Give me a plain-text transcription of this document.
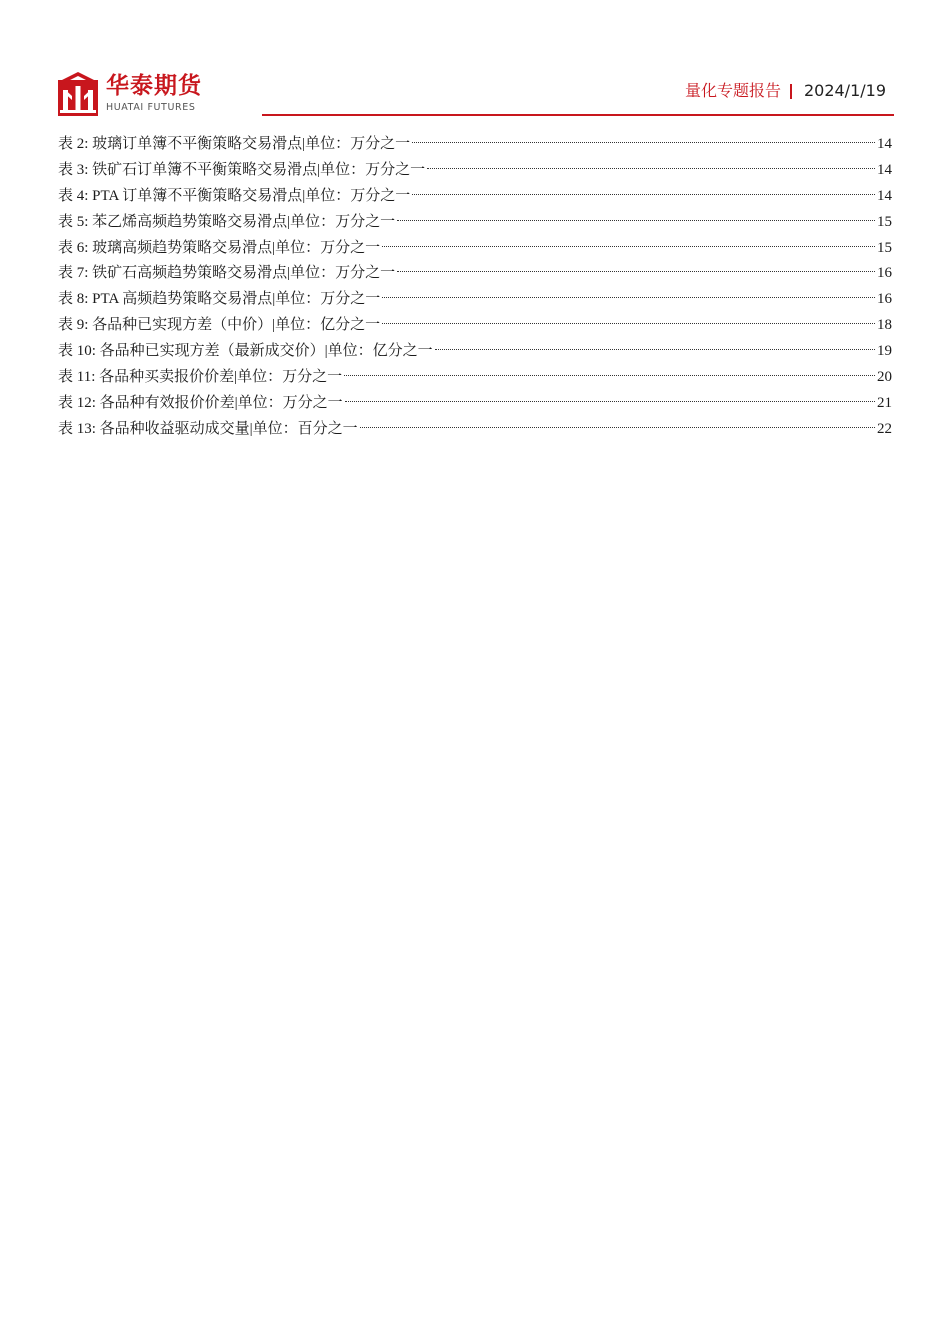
华泰期货
HUATAI FUTURES
量化专题报告 2024/1/19
表 2: 玻璃订单簿不平衡策略交易滑点|单位：万分之一	14
表 3: 铁矿石订单簿不平衡策略交易滑点|单位：万分之一	14
表 4: PTA 订单簿不平衡策略交易滑点|单位：万分之一	14
表 5: 苯乙烯高频趋势策略交易滑点|单位：万分之一	15
表 6: 玻璃高频趋势策略交易滑点|单位：万分之一	15
表 7: 铁矿石高频趋势策略交易滑点|单位：万分之一	16
表 8: PTA 高频趋势策略交易滑点|单位：万分之一	16
表 9: 各品种已实现方差（中价）|单位：亿分之一	18
表 10: 各品种已实现方差（最新成交价）|单位：亿分之一	19
表 11: 各品种买卖报价价差|单位：万分之一	20
表 12: 各品种有效报价价差|单位：万分之一	21
表 13: 各品种收益驱动成交量|单位：百分之一	22
